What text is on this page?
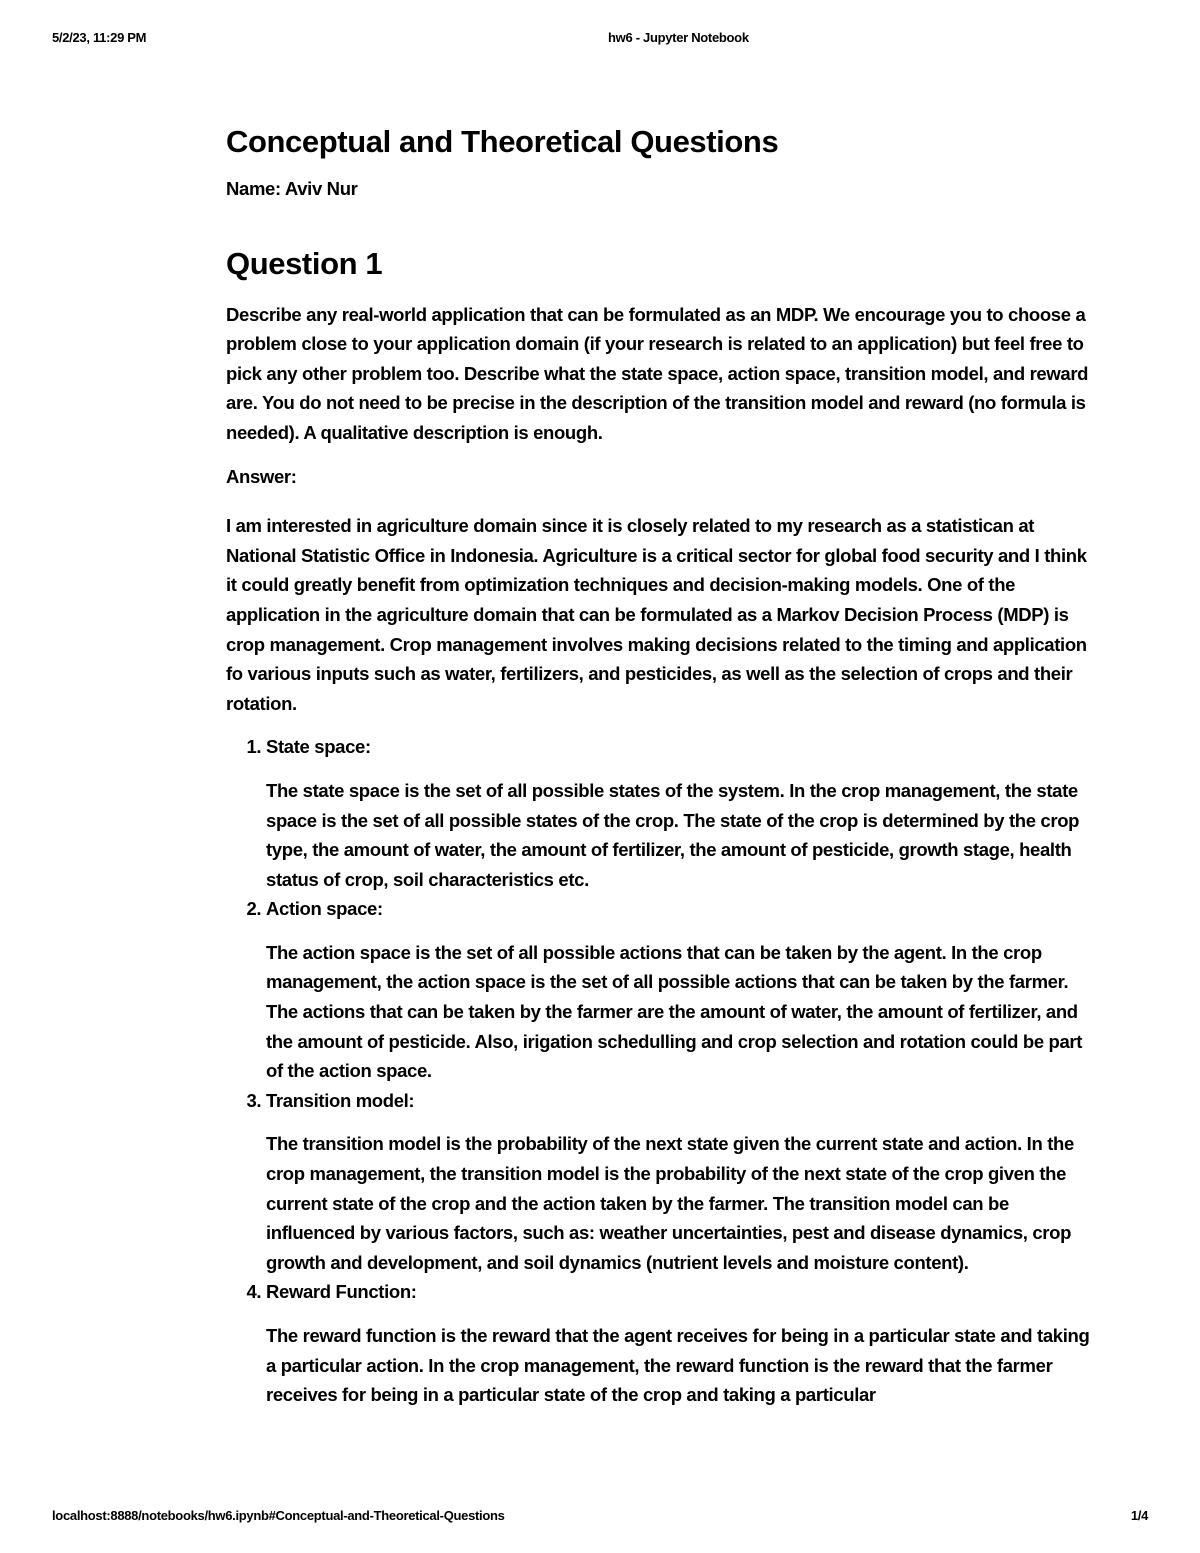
5/2/23, 11:29 PM	hw6 - Jupyter Notebook
Conceptual and Theoretical Questions

Name: Aviv Nur

Question 1

Describe any real-world application that can be formulated as an MDP. We encourage you to choose a problem close to your application domain (if your research is related to an application) but feel free to pick any other problem too. Describe what the state space, action space, transition model, and reward are. You do not need to be precise in the description of the transition model and reward (no formula is needed). A qualitative description is enough.

Answer:

I am interested in agriculture domain since it is closely related to my research as a statistican at National Statistic Office in Indonesia. Agriculture is a critical sector for global food security and I think it could greatly benefit from optimization techniques and decision-making models. One of the application in the agriculture domain that can be formulated as a Markov Decision Process (MDP) is crop management. Crop management involves making decisions related to the timing and application fo various inputs such as water, fertilizers, and pesticides, as well as the selection of crops and their rotation.

1. State space:

The state space is the set of all possible states of the system. In the crop management, the state space is the set of all possible states of the crop. The state of the crop is determined by the crop type, the amount of water, the amount of fertilizer, the amount of pesticide, growth stage, health status of crop, soil characteristics etc.

2. Action space:

The action space is the set of all possible actions that can be taken by the agent. In the crop management, the action space is the set of all possible actions that can be taken by the farmer. The actions that can be taken by the farmer are the amount of water, the amount of fertilizer, and the amount of pesticide. Also, irigation schedulling and crop selection and rotation could be part of the action space.

3. Transition model:

The transition model is the probability of the next state given the current state and action. In the crop management, the transition model is the probability of the next state of the crop given the current state of the crop and the action taken by the farmer. The transition model can be influenced by various factors, such as: weather uncertainties, pest and disease dynamics, crop growth and development, and soil dynamics (nutrient levels and moisture content).

4. Reward Function:

The reward function is the reward that the agent receives for being in a particular state and taking a particular action. In the crop management, the reward function is the reward that the farmer receives for being in a particular state of the crop and taking a particular

localhost:8888/notebooks/hw6.ipynb#Conceptual-and-Theoretical-Questions	1/4
